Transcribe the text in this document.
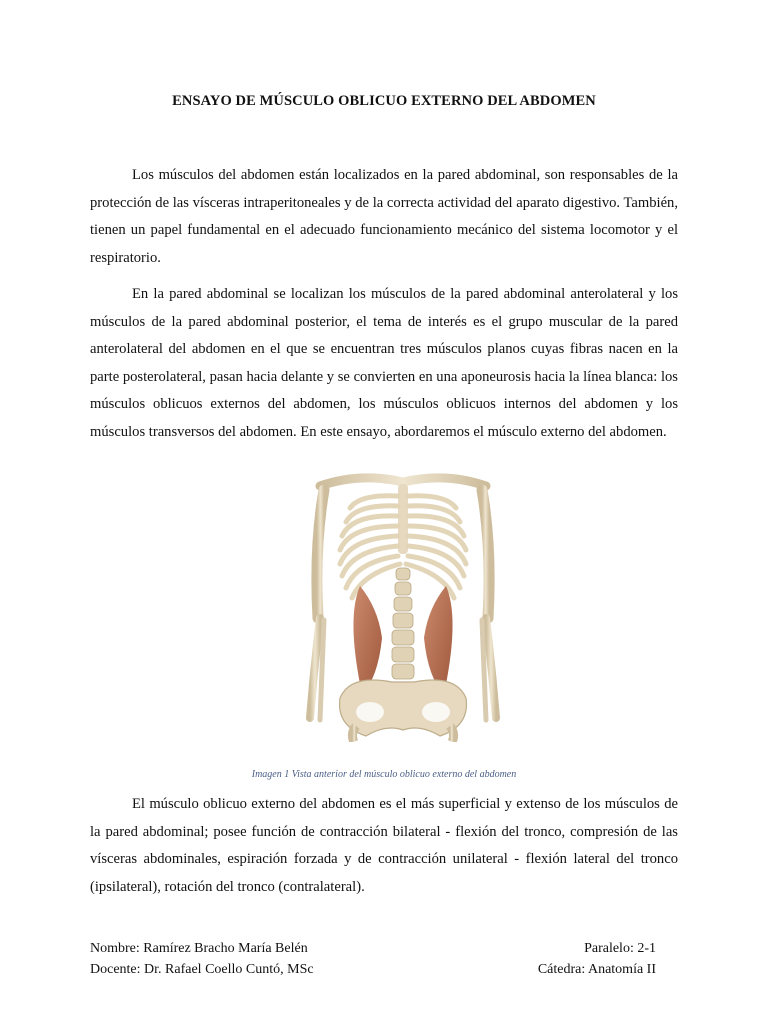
ENSAYO DE MÚSCULO OBLICUO EXTERNO DEL ABDOMEN

Los músculos del abdomen están localizados en la pared abdominal, son responsables de la protección de las vísceras intraperitoneales y de la correcta actividad del aparato digestivo. También, tienen un papel fundamental en el adecuado funcionamiento mecánico del sistema locomotor y el respiratorio.

En la pared abdominal se localizan los músculos de la pared abdominal anterolateral y los músculos de la pared abdominal posterior, el tema de interés es el grupo muscular de la pared anterolateral del abdomen en el que se encuentran tres músculos planos cuyas fibras nacen en la parte posterolateral, pasan hacia delante y se convierten en una aponeurosis hacia la línea blanca: los músculos oblicuos externos del abdomen, los músculos oblicuos internos del abdomen y los músculos transversos del abdomen. En este ensayo, abordaremos el músculo externo del abdomen.

Imagen 1 Vista anterior del músculo oblicuo externo del abdomen

El músculo oblicuo externo del abdomen es el más superficial y extenso de los músculos de la pared abdominal; posee función de contracción bilateral - flexión del tronco, compresión de las vísceras abdominales, espiración forzada y de contracción unilateral - flexión lateral del tronco (ipsilateral), rotación del tronco (contralateral).

Nombre: Ramírez Bracho María Belén
Docente: Dr. Rafael Coello Cuntó, MSc
Paralelo: 2-1
Cátedra: Anatomía II
